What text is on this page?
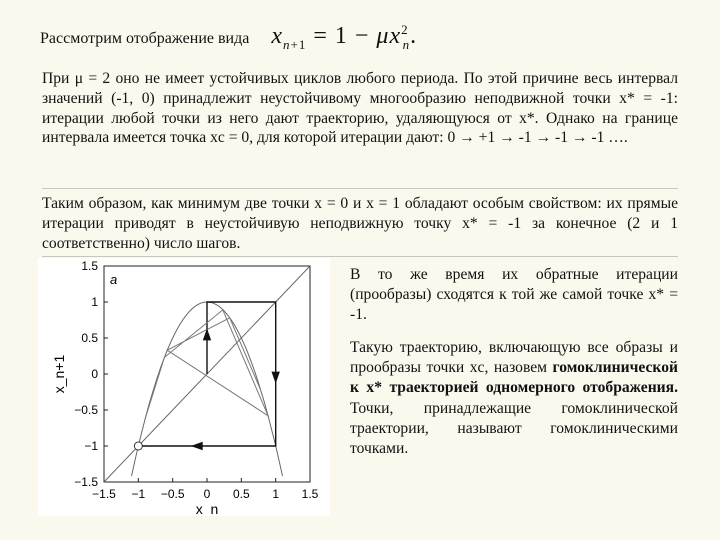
Рассмотрим отображение вида $x_{n+1} = 1 - \mu x^2_n$.
При μ = 2 оно не имеет устойчивых циклов любого периода. По этой причине весь интервал значений (-1, 0) принадлежит неустойчивому многообразию неподвижной точки x* = -1: итерации любой точки из него дают траекторию, удаляющуюся от x*. Однако на границе интервала имеется точка xc = 0, для которой итерации дают: 0 → +1 → -1 → -1 → -1 ….
Таким образом, как минимум две точки x = 0 и x = 1 обладают особым свойством: их прямые итерации приводят в неустойчивую неподвижную точку x* = -1 за конечное (2 и 1 соответственно) число шагов.
−1.5 −1 −0.5 0 0.5 1 1.5
1.5
1
0.5
0
−0.5
−1
−1.5
x_n
x_n+1
a	В то же время их обратные итерации (прообразы) сходятся к той же самой точке x* = -1.
Такую траекторию, включающую все образы и прообразы точки xc, назовем гомоклинической к x* траекторией одномерного отображения. Точки, принадлежащие гомоклинической траектории, называют гомоклиническими точками.
